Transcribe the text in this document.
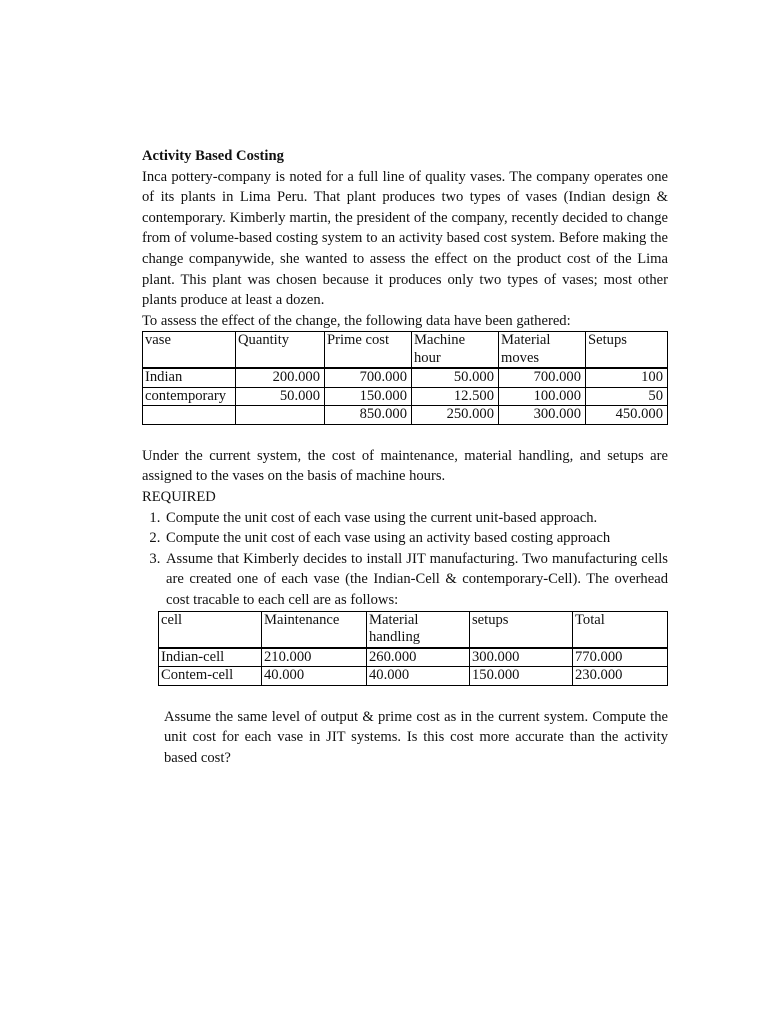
Activity Based Costing

Inca pottery-company is noted for a full line of quality vases. The company operates one of its plants in Lima Peru. That plant produces two types of vases (Indian design & contemporary. Kimberly martin, the president of the company, recently decided to change from of volume-based costing system to an activity based cost system. Before making the change companywide, she wanted to assess the effect on the product cost of the Lima plant. This plant was chosen because it produces only two types of vases; most other plants produce at least a dozen.

To assess the effect of the change, the following data have been gathered:

vase	Quantity	Prime cost	Machine hour	Material moves	Setups
Indian	200.000	700.000	50.000	700.000	100
contemporary	50.000	150.000	12.500	100.000	50
		850.000	250.000	300.000	450.000

Under the current system, the cost of maintenance, material handling, and setups are assigned to the vases on the basis of machine hours.

REQUIRED

1. Compute the unit cost of each vase using the current unit-based approach.
2. Compute the unit cost of each vase using an activity based costing approach
3. Assume that Kimberly decides to install JIT manufacturing. Two manufacturing cells are created one of each vase (the Indian-Cell & contemporary-Cell). The overhead cost tracable to each cell are as follows:
cell	Maintenance	Material handling	setups	Total
Indian-cell	210.000	260.000	300.000	770.000
Contem-cell	40.000	40.000	150.000	230.000

Assume the same level of output & prime cost as in the current system. Compute the unit cost for each vase in JIT systems. Is this cost more accurate than the activity based cost?
